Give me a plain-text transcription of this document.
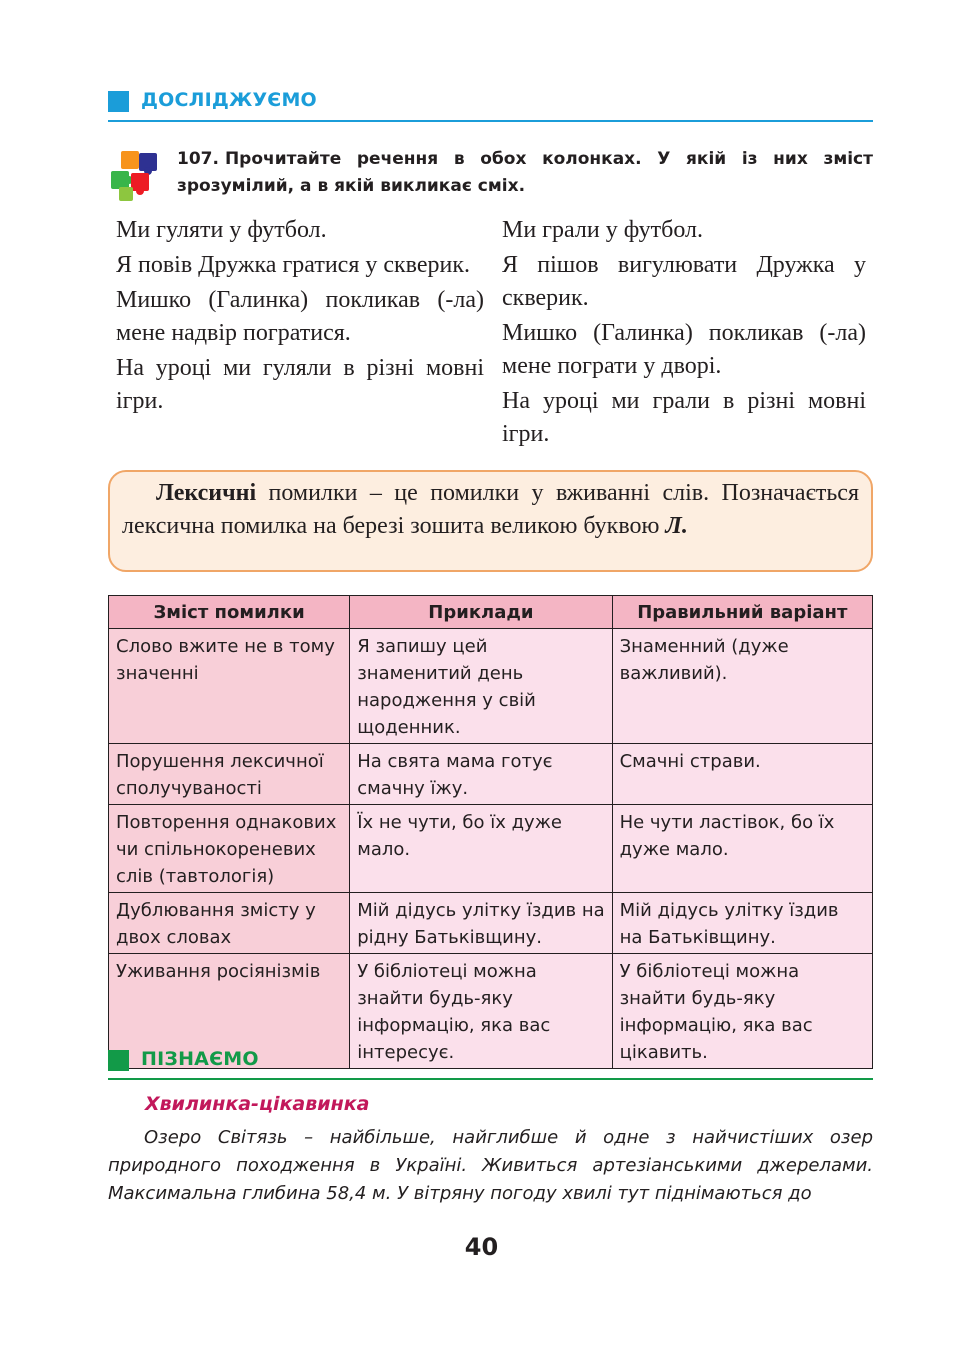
ДОСЛІДЖУЄМО
107. Прочитайте речення в обох колонках. У якій із них зміст зрозумілий, а в якій викликає сміх.

Ми гуляти у футбол.

Я повів Дружка гратися у скверик.

Мишко (Галинка) покликав (-ла) мене надвір погратися.

На уроці ми гуляли в різні мовні ігри.

Ми грали у футбол.

Я пішов вигулювати Дружка у скверик.

Мишко (Галинка) покликав (-ла) мене пограти у дворі.

На уроці ми грали в різні мовні ігри.

Лексичні помилки – це помилки у вживанні слів. Позначається лексична помилка на березі зошита великою буквою Л.
Зміст помилки	Приклади	Правильний варіант
Слово вжите не в тому значенні	Я запишу цей знаменитий день народження у свій щоденник.	Знаменний (дуже важливий).
Порушення лексичної сполучуваності	На свята мама готує смачну їжу.	Смачні страви.
Повторення однакових чи спільнокореневих слів (тавтологія)	Їх не чути, бо їх дуже мало.	Не чути ластівок, бо їх дуже мало.
Дублювання змісту у двох словах	Мій дідусь улітку їздив на рідну Батьківщину.	Мій дідусь улітку їздив на Батьківщину.
Уживання росіянізмів	У бібліотеці можна знайти будь-яку інформацію, яка вас інтересує.	У бібліотеці можна знайти будь-яку інформацію, яка вас цікавить.
ПІЗНАЄМО
Хвилинка-цікавинка
Озеро Світязь – найбільше, найглибше й одне з найчистіших озер природного походження в Україні. Живиться артезіанськими джерелами. Максимальна глибина 58,4 м. У вітряну погоду хвилі тут піднімаються до
40
